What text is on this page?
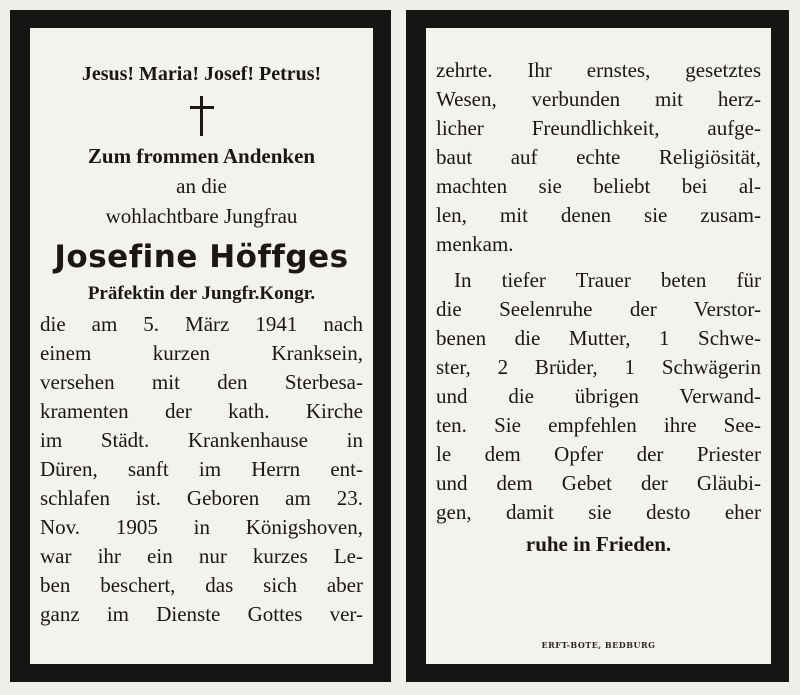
Jesus! Maria! Josef! Petrus!
Zum frommen Andenken
an die
wohlachtbare Jungfrau
Josefine Höffges
Präfektin der Jungfr.Kongr.
die am 5. März 1941 nach
einem kurzen Kranksein,
versehen mit den Sterbesa-
kramenten der kath. Kirche
im Städt. Krankenhause in
Düren, sanft im Herrn ent-
schlafen ist. Geboren am 23.
Nov. 1905 in Königshoven,
war ihr ein nur kurzes Le-
ben beschert, das sich aber
ganz im Dienste Gottes ver-
zehrte. Ihr ernstes, gesetztes
Wesen, verbunden mit herz-
licher Freundlichkeit, aufge-
baut auf echte Religiösität,
machten sie beliebt bei al-
len, mit denen sie zusam-
menkam.
In tiefer Trauer beten für
die Seelenruhe der Verstor-
benen die Mutter, 1 Schwe-
ster, 2 Brüder, 1 Schwägerin
und die übrigen Verwand-
ten. Sie empfehlen ihre See-
le dem Opfer der Priester
und dem Gebet der Gläubi-
gen, damit sie desto eher
ruhe in Frieden.
ERFT-BOTE, BEDBURG
